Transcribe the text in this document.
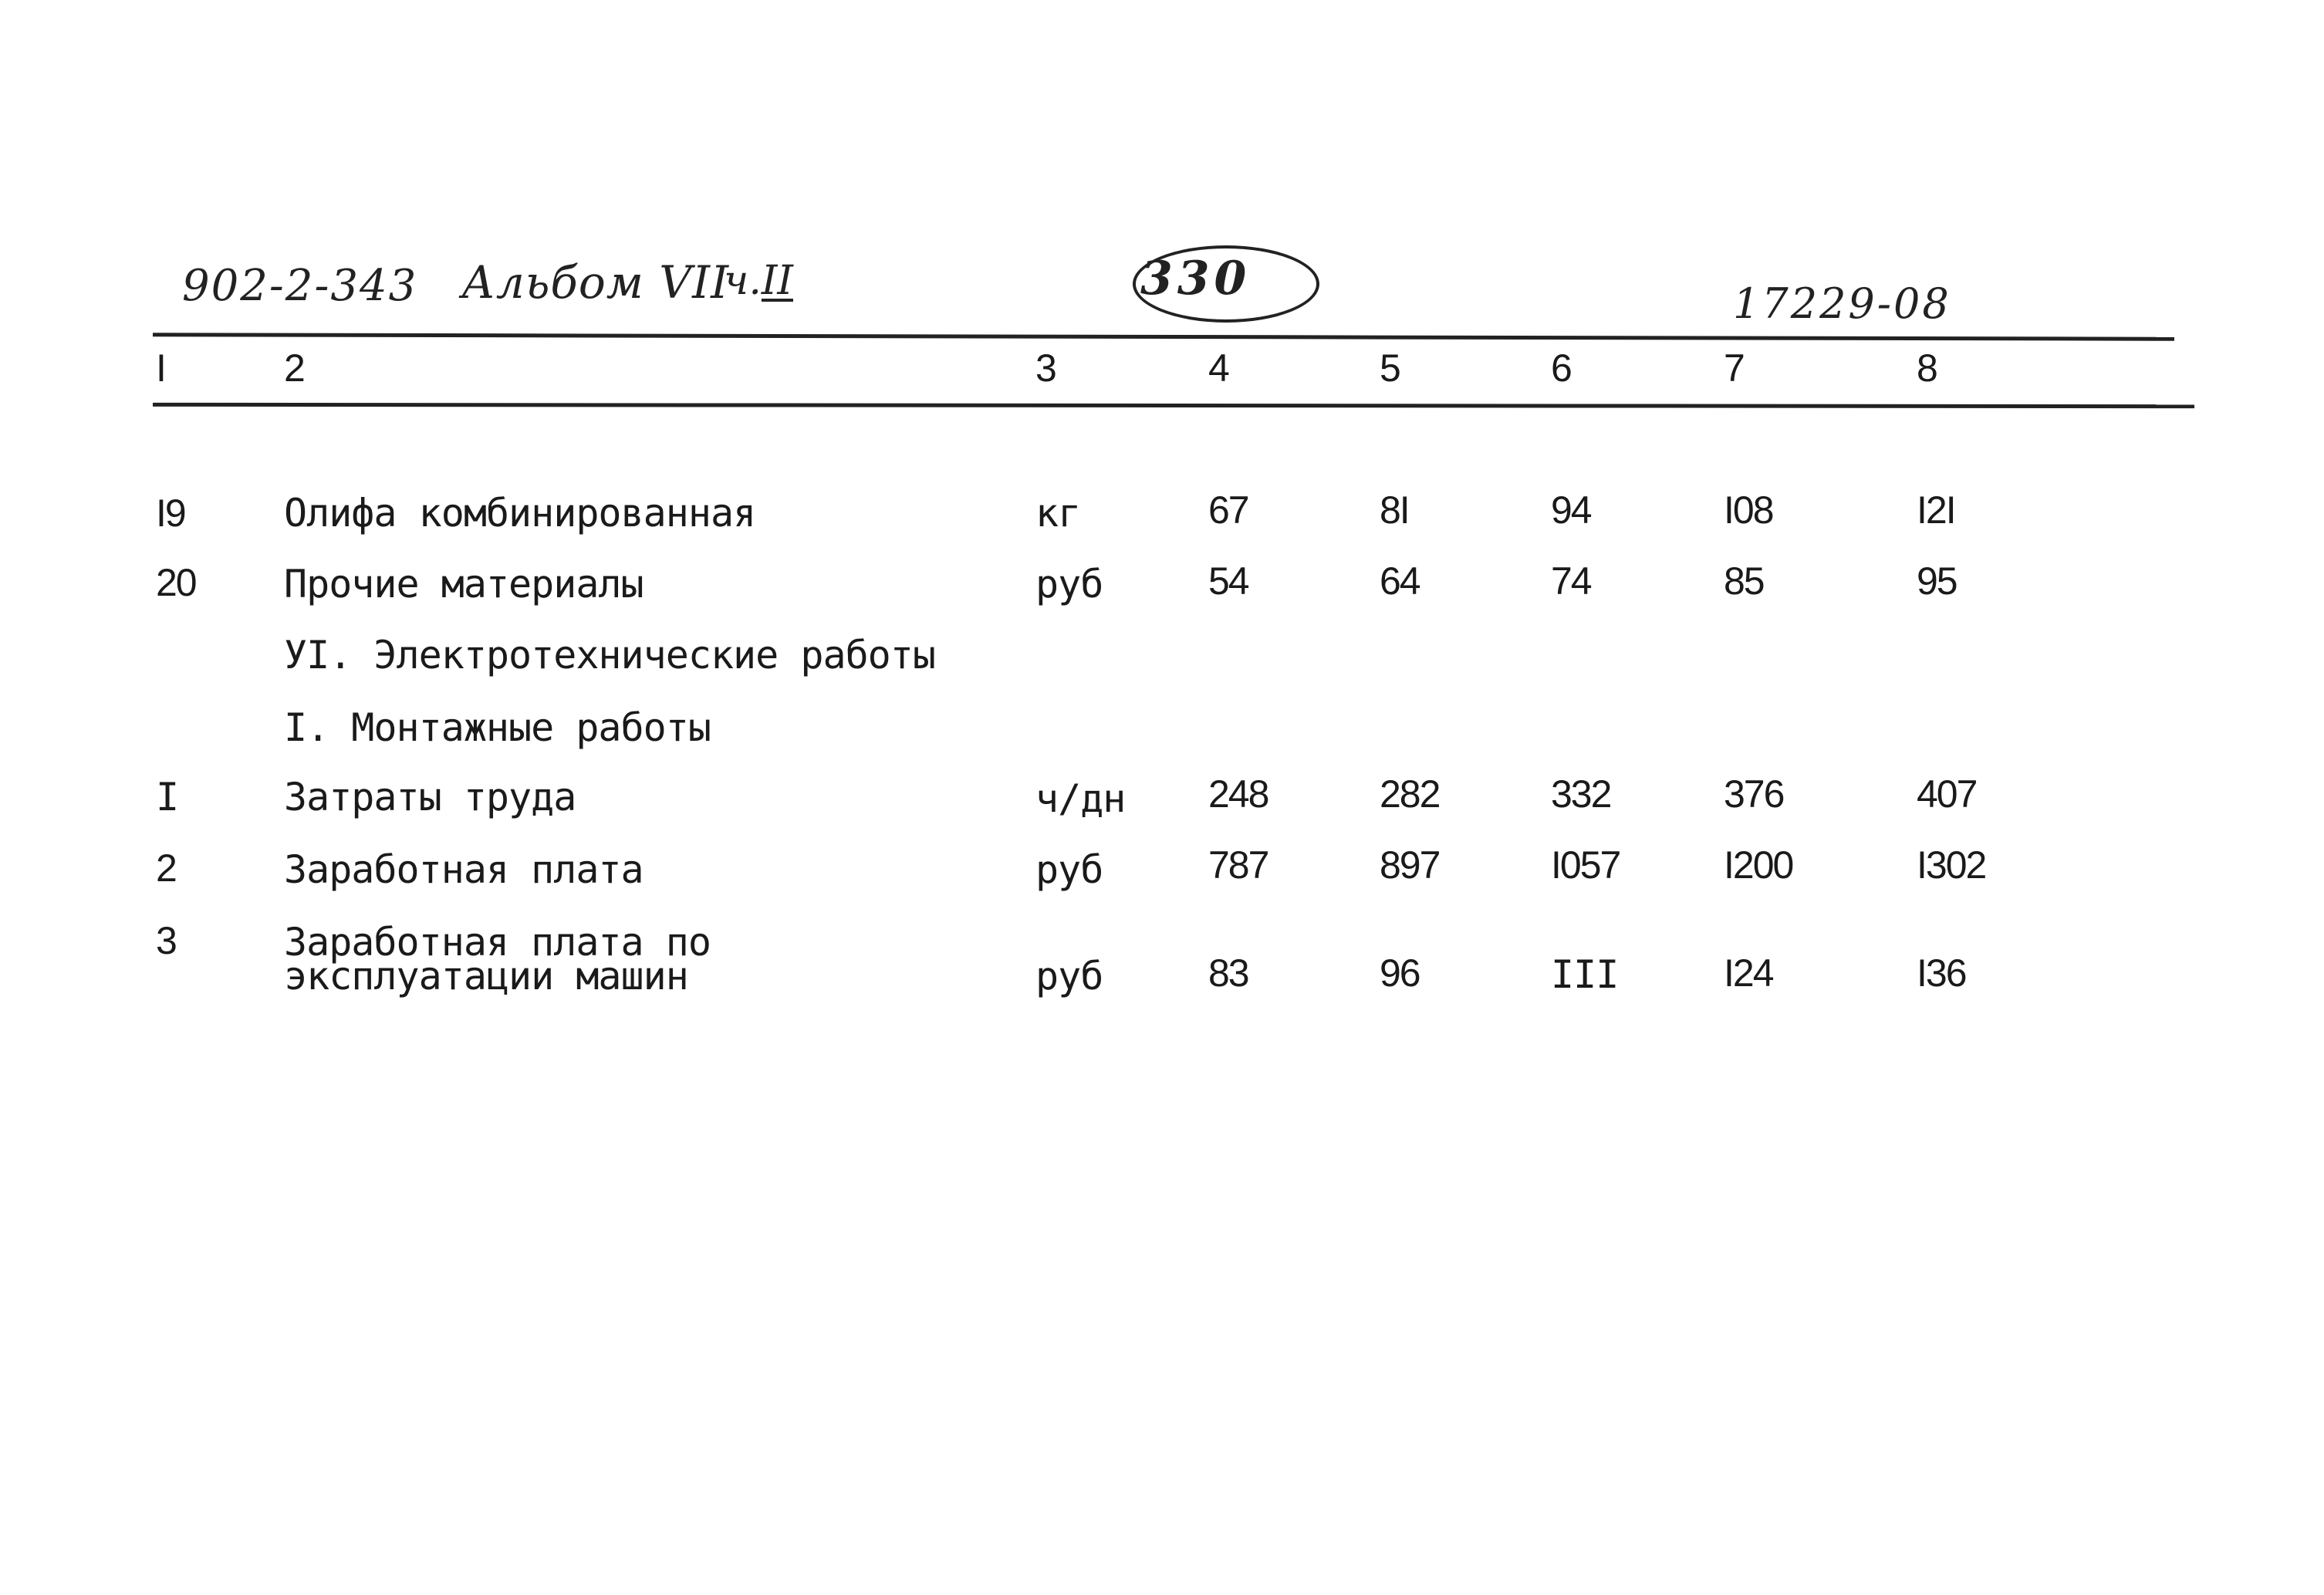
902-2-343 Альбом VII
ч.II	330	17229-08
I	2	3	4	5	6	7	8
I9	Олифа комбинированная	кг	67	8I	94	I08	I2I
20 Прочие материалы	руб	54	64	74	85	95
УI. Электротехнические работы
I. Монтажные работы
I	Затраты труда	ч/дн 248	282	332	376	407
2	Заработная плата	руб	787	897	I057	I200	I302
3	Заработная плата по
эксплуатации машин	руб	83	96	III	I24	I36
